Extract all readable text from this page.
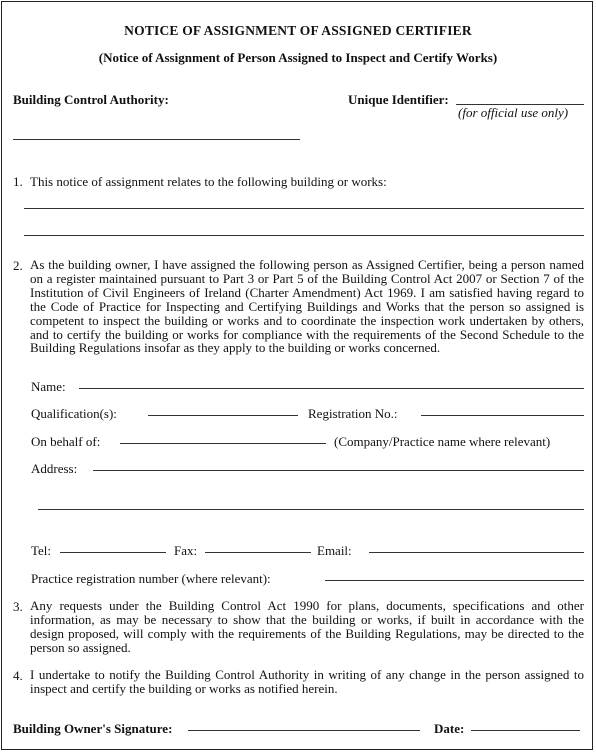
NOTICE OF ASSIGNMENT OF ASSIGNED CERTIFIER
(Notice of Assignment of Person Assigned to Inspect and Certify Works)
Building Control Authority:	Unique Identifier:
(for official use only)
1. This notice of assignment relates to the following building or works:
2. As the building owner, I have assigned the following person as Assigned Certifier, being a person named on a register maintained pursuant to Part 3 or Part 5 of the Building Control Act 2007 or Section 7 of the Institution of Civil Engineers of Ireland (Charter Amendment) Act 1969. I am satisfied having regard to the Code of Practice for Inspecting and Certifying Buildings and Works that the person so assigned is competent to inspect the building or works and to coordinate the inspection work undertaken by others, and to certify the building or works for compliance with the requirements of the Second Schedule to the Building Regulations insofar as they apply to the building or works concerned.
Name:
Qualification(s):	Registration No.:
On behalf of:	(Company/Practice name where relevant)
Address:
Tel:	Fax:	Email:
Practice registration number (where relevant):
3. Any requests under the Building Control Act 1990 for plans, documents, specifications and other information, as may be necessary to show that the building or works, if built in accordance with the design proposed, will comply with the requirements of the Building Regulations, may be directed to the person so assigned.
4. I undertake to notify the Building Control Authority in writing of any change in the person assigned to inspect and certify the building or works as notified herein.
Building Owner's Signature:	Date:
